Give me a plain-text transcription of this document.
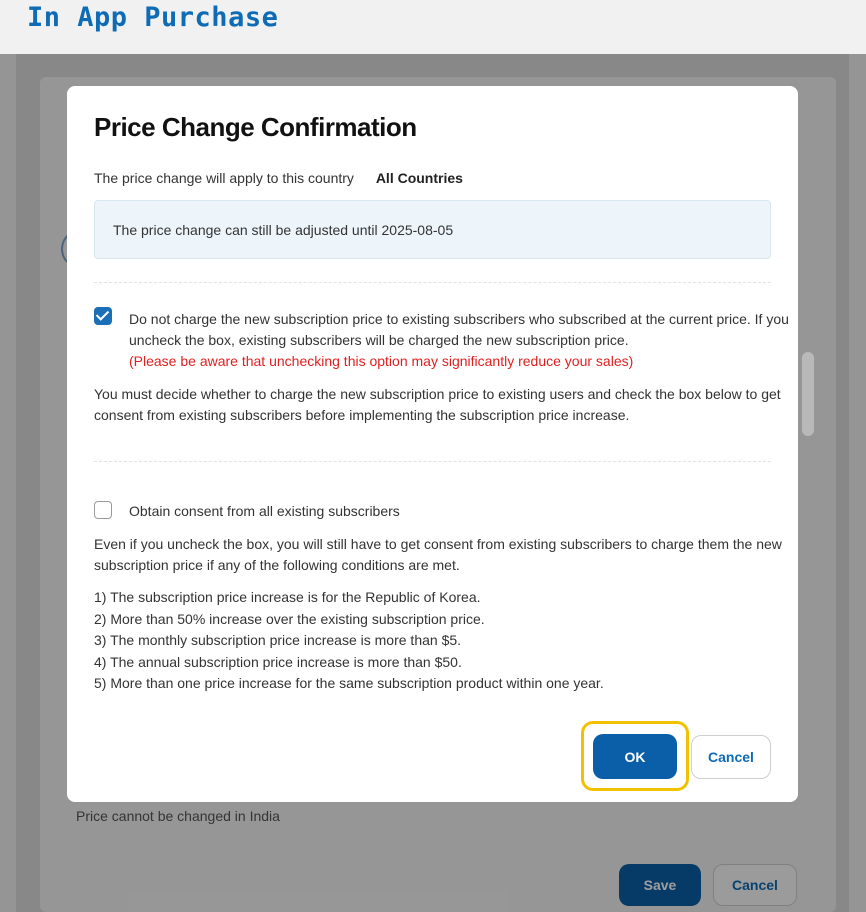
In App Purchase
Price cannot be changed in India
Save	Cancel
Price Change Confirmation
The price change will apply to this country All Countries
The price change can still be adjusted until 2025-08-05
Do not charge the new subscription price to existing subscribers who subscribed at the current price. If you
uncheck the box, existing subscribers will be charged the new subscription price.
(Please be aware that unchecking this option may significantly reduce your sales)
You must decide whether to charge the new subscription price to existing users and check the box below to get
consent from existing subscribers before implementing the subscription price increase.
Obtain consent from all existing subscribers
Even if you uncheck the box, you will still have to get consent from existing subscribers to charge them the new
subscription price if any of the following conditions are met.
1) The subscription price increase is for the Republic of Korea.
2) More than 50% increase over the existing subscription price.
3) The monthly subscription price increase is more than $5.
4) The annual subscription price increase is more than $50.
5) More than one price increase for the same subscription product within one year.
OK	Cancel
